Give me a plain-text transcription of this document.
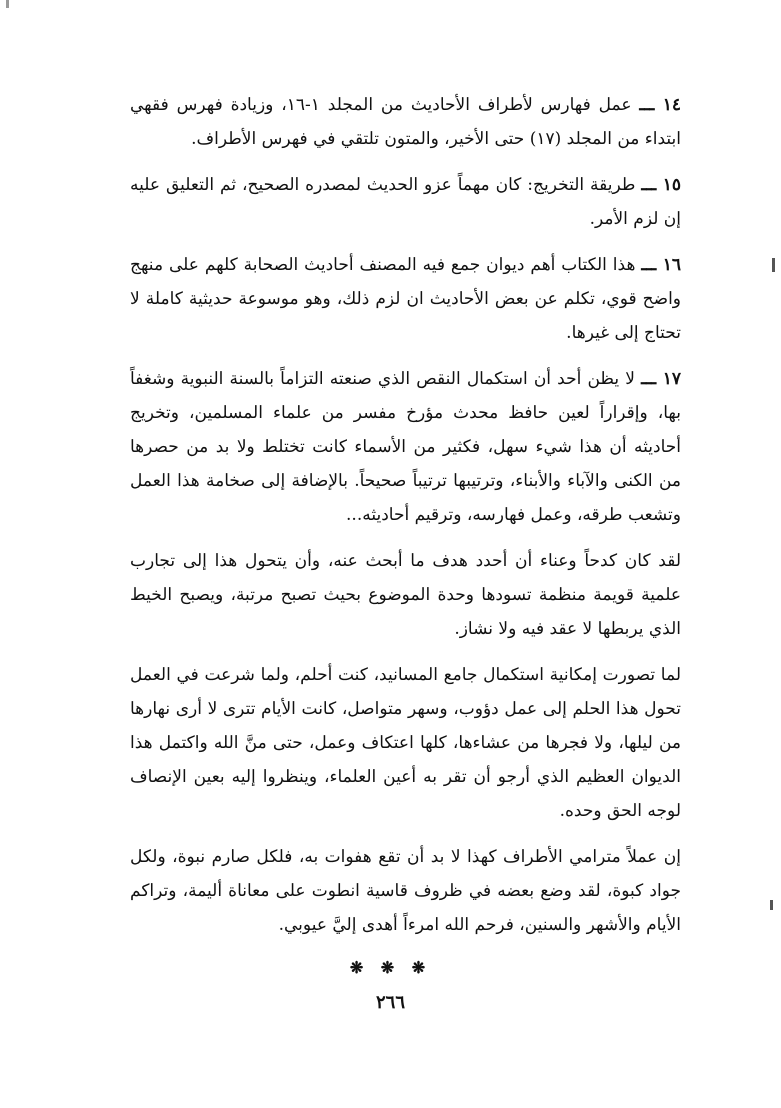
١٤ ـــ عمل فهارس لأطراف الأحاديث من المجلد ١-١٦، وزيادة فهرس فقهي ابتداء من المجلد (١٧) حتى الأخير، والمتون تلتقي في فهرس الأطراف.

١٥ ـــ طريقة التخريج: كان مهماً عزو الحديث لمصدره الصحيح، ثم التعليق عليه إن لزم الأمر.

١٦ ـــ هذا الكتاب أهم ديوان جمع فيه المصنف أحاديث الصحابة كلهم على منهج واضح قوي، تكلم عن بعض الأحاديث ان لزم ذلك، وهو موسوعة حديثية كاملة لا تحتاج إلى غيرها.

١٧ ـــ لا يظن أحد أن استكمال النقص الذي صنعته التزاماً بالسنة النبوية وشغفاً بها، وإقراراً لعين حافظ محدث مؤرخ مفسر من علماء المسلمين، وتخريج أحاديثه أن هذا شيء سهل، فكثير من الأسماء كانت تختلط ولا بد من حصرها من الكنى والآباء والأبناء، وترتيبها ترتيباً صحيحاً. بالإضافة إلى صخامة هذا العمل وتشعب طرقه، وعمل فهارسه، وترقيم أحاديثه...

لقد كان كدحاً وعناء أن أحدد هدف ما أبحث عنه، وأن يتحول هذا إلى تجارب علمية قويمة منظمة تسودها وحدة الموضوع بحيث تصبح مرتبة، ويصبح الخيط الذي يربطها لا عقد فيه ولا نشاز.

لما تصورت إمكانية استكمال جامع المسانيد، كنت أحلم، ولما شرعت في العمل تحول هذا الحلم إلى عمل دؤوب، وسهر متواصل، كانت الأيام تترى لا أرى نهارها من ليلها، ولا فجرها من عشاءها، كلها اعتكاف وعمل، حتى منَّ الله واكتمل هذا الديوان العظيم الذي أرجو أن تقر به أعين العلماء، وينظروا إليه بعين الإنصاف لوجه الحق وحده.

إن عملاً مترامي الأطراف كهذا لا بد أن تقع هفوات به، فلكل صارم نبوة، ولكل جواد كبوة، لقد وضع بعضه في ظروف قاسية انطوت على معاناة أليمة، وتراكم الأيام والأشهر والسنين، فرحم الله امرءاً أهدى إليَّ عيوبي.

❋ ❋ ❋
٢٦٦
